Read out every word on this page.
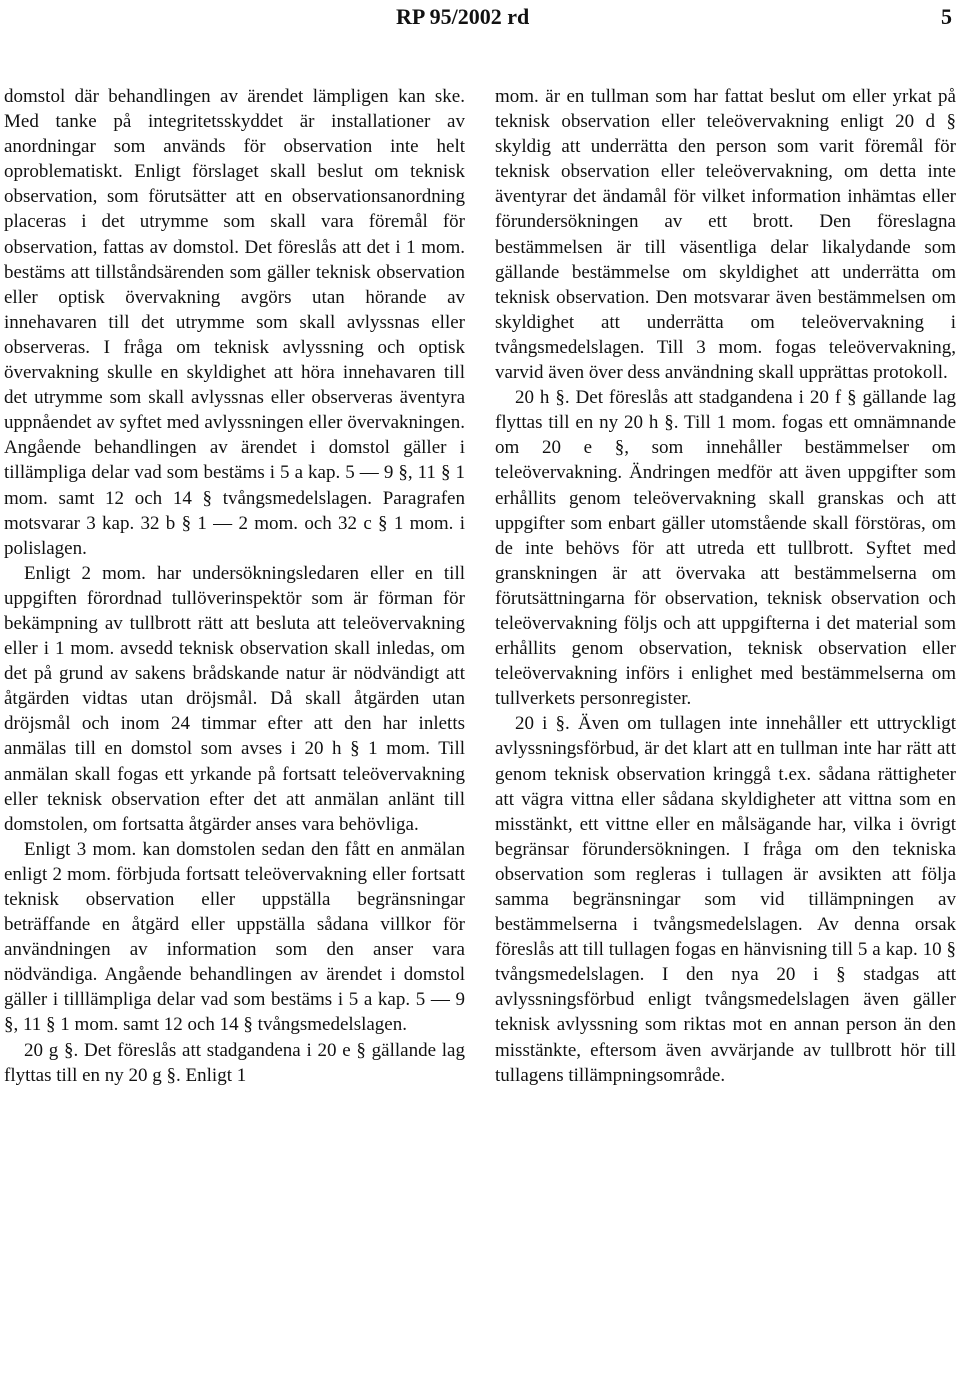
RP 95/2002 rd	5

domstol där behandlingen av ärendet lämpligen kan ske. Med tanke på integritetsskyddet är installationer av anordningar som används för observation inte helt oproblematiskt. Enligt förslaget skall beslut om teknisk observation, som förutsätter att en observationsanordning placeras i det utrymme som skall vara föremål för observation, fattas av domstol. Det föreslås att det i 1 mom. bestäms att tillståndsärenden som gäller teknisk observation eller optisk övervakning avgörs utan hörande av innehavaren till det utrymme som skall avlyssnas eller observeras. I fråga om teknisk avlyssning och optisk övervakning skulle en skyldighet att höra innehavaren till det utrymme som skall avlyssnas eller observeras äventyra uppnåendet av syftet med avlyssningen eller övervakningen. Angående behandlingen av ärendet i domstol gäller i tillämpliga delar vad som bestäms i 5 a kap. 5 — 9 §, 11 § 1 mom. samt 12 och 14 § tvångsmedelslagen. Paragrafen motsvarar 3 kap. 32 b § 1 — 2 mom. och 32 c § 1 mom. i polislagen.

Enligt 2 mom. har undersökningsledaren eller en till uppgiften förordnad tullöverinspektör som är förman för bekämpning av tullbrott rätt att besluta att teleövervakning eller i 1 mom. avsedd teknisk observation skall inledas, om det på grund av sakens brådskande natur är nödvändigt att åtgärden vidtas utan dröjsmål. Då skall åtgärden utan dröjsmål och inom 24 timmar efter att den har inletts anmälas till en domstol som avses i 20 h § 1 mom. Till anmälan skall fogas ett yrkande på fortsatt teleövervakning eller teknisk observation efter det att anmälan anlänt till domstolen, om fortsatta åtgärder anses vara behövliga.

Enligt 3 mom. kan domstolen sedan den fått en anmälan enligt 2 mom. förbjuda fortsatt teleövervakning eller fortsatt teknisk observation eller uppställa begränsningar beträffande en åtgärd eller uppställa sådana villkor för användningen av information som den anser vara nödvändiga. Angående behandlingen av ärendet i domstol gäller i tilllämpliga delar vad som bestäms i 5 a kap. 5 — 9 §, 11 § 1 mom. samt 12 och 14 § tvångsmedelslagen.

20 g §. Det föreslås att stadgandena i 20 e § gällande lag flyttas till en ny 20 g §. Enligt 1

mom. är en tullman som har fattat beslut om eller yrkat på teknisk observation eller teleövervakning enligt 20 d § skyldig att underrätta den person som varit föremål för teknisk observation eller teleövervakning, om detta inte äventyrar det ändamål för vilket information inhämtas eller förundersökningen av ett brott. Den föreslagna bestämmelsen är till väsentliga delar likalydande som gällande bestämmelse om skyldighet att underrätta om teknisk observation. Den motsvarar även bestämmelsen om skyldighet att underrätta om teleövervakning i tvångsmedelslagen. Till 3 mom. fogas teleövervakning, varvid även över dess användning skall upprättas protokoll.

20 h §. Det föreslås att stadgandena i 20 f § gällande lag flyttas till en ny 20 h §. Till 1 mom. fogas ett omnämnande om 20 e §, som innehåller bestämmelser om teleövervakning. Ändringen medför att även uppgifter som erhållits genom teleövervakning skall granskas och att uppgifter som enbart gäller utomstående skall förstöras, om de inte behövs för att utreda ett tullbrott. Syftet med granskningen är att övervaka att bestämmelserna om förutsättningarna för observation, teknisk observation och teleövervakning följs och att uppgifterna i det material som erhållits genom observation, teknisk observation eller teleövervakning införs i enlighet med bestämmelserna om tullverkets personregister.

20 i §. Även om tullagen inte innehåller ett uttryckligt avlyssningsförbud, är det klart att en tullman inte har rätt att genom teknisk observation kringgå t.ex. sådana rättigheter att vägra vittna eller sådana skyldigheter att vittna som en misstänkt, ett vittne eller en målsägande har, vilka i övrigt begränsar förundersökningen. I fråga om den tekniska observation som regleras i tullagen är avsikten att följa samma begränsningar som vid tillämpningen av bestämmelserna i tvångsmedelslagen. Av denna orsak föreslås att till tullagen fogas en hänvisning till 5 a kap. 10 § tvångsmedelslagen. I den nya 20 i § stadgas att avlyssningsförbud enligt tvångsmedelslagen även gäller teknisk avlyssning som riktas mot en annan person än den misstänkte, eftersom även avvärjande av tullbrott hör till tullagens tillämpningsområde.
